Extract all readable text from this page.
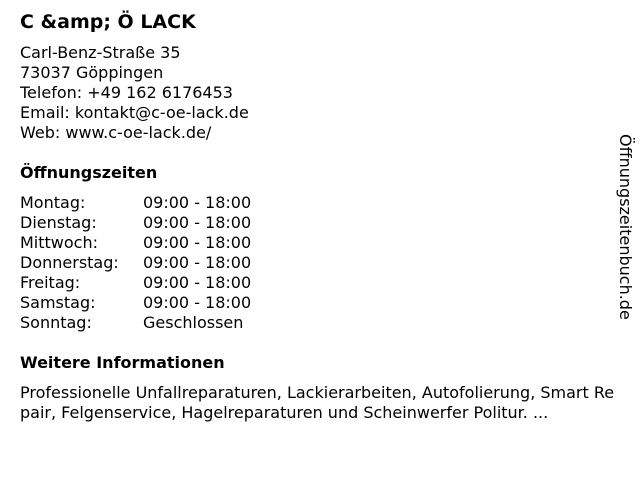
C &amp; Ö LACK
Carl-Benz-Straße 35
73037 Göppingen
Telefon: +49 162 6176453
Email: kontakt@c-oe-lack.de
Web: www.c-oe-lack.de/
Öffnungszeiten
Montag:	09:00 - 18:00
Dienstag:	09:00 - 18:00
Mittwoch:	09:00 - 18:00
Donnerstag:	09:00 - 18:00
Freitag:	09:00 - 18:00
Samstag:	09:00 - 18:00
Sonntag:	Geschlossen
Weitere Informationen
Professionelle Unfallreparaturen, Lackierarbeiten, Autofolierung, Smart Repair, Felgenservice, Hagelreparaturen und Scheinwerfer Politur. ...
Öffnungszeitenbuch.de
